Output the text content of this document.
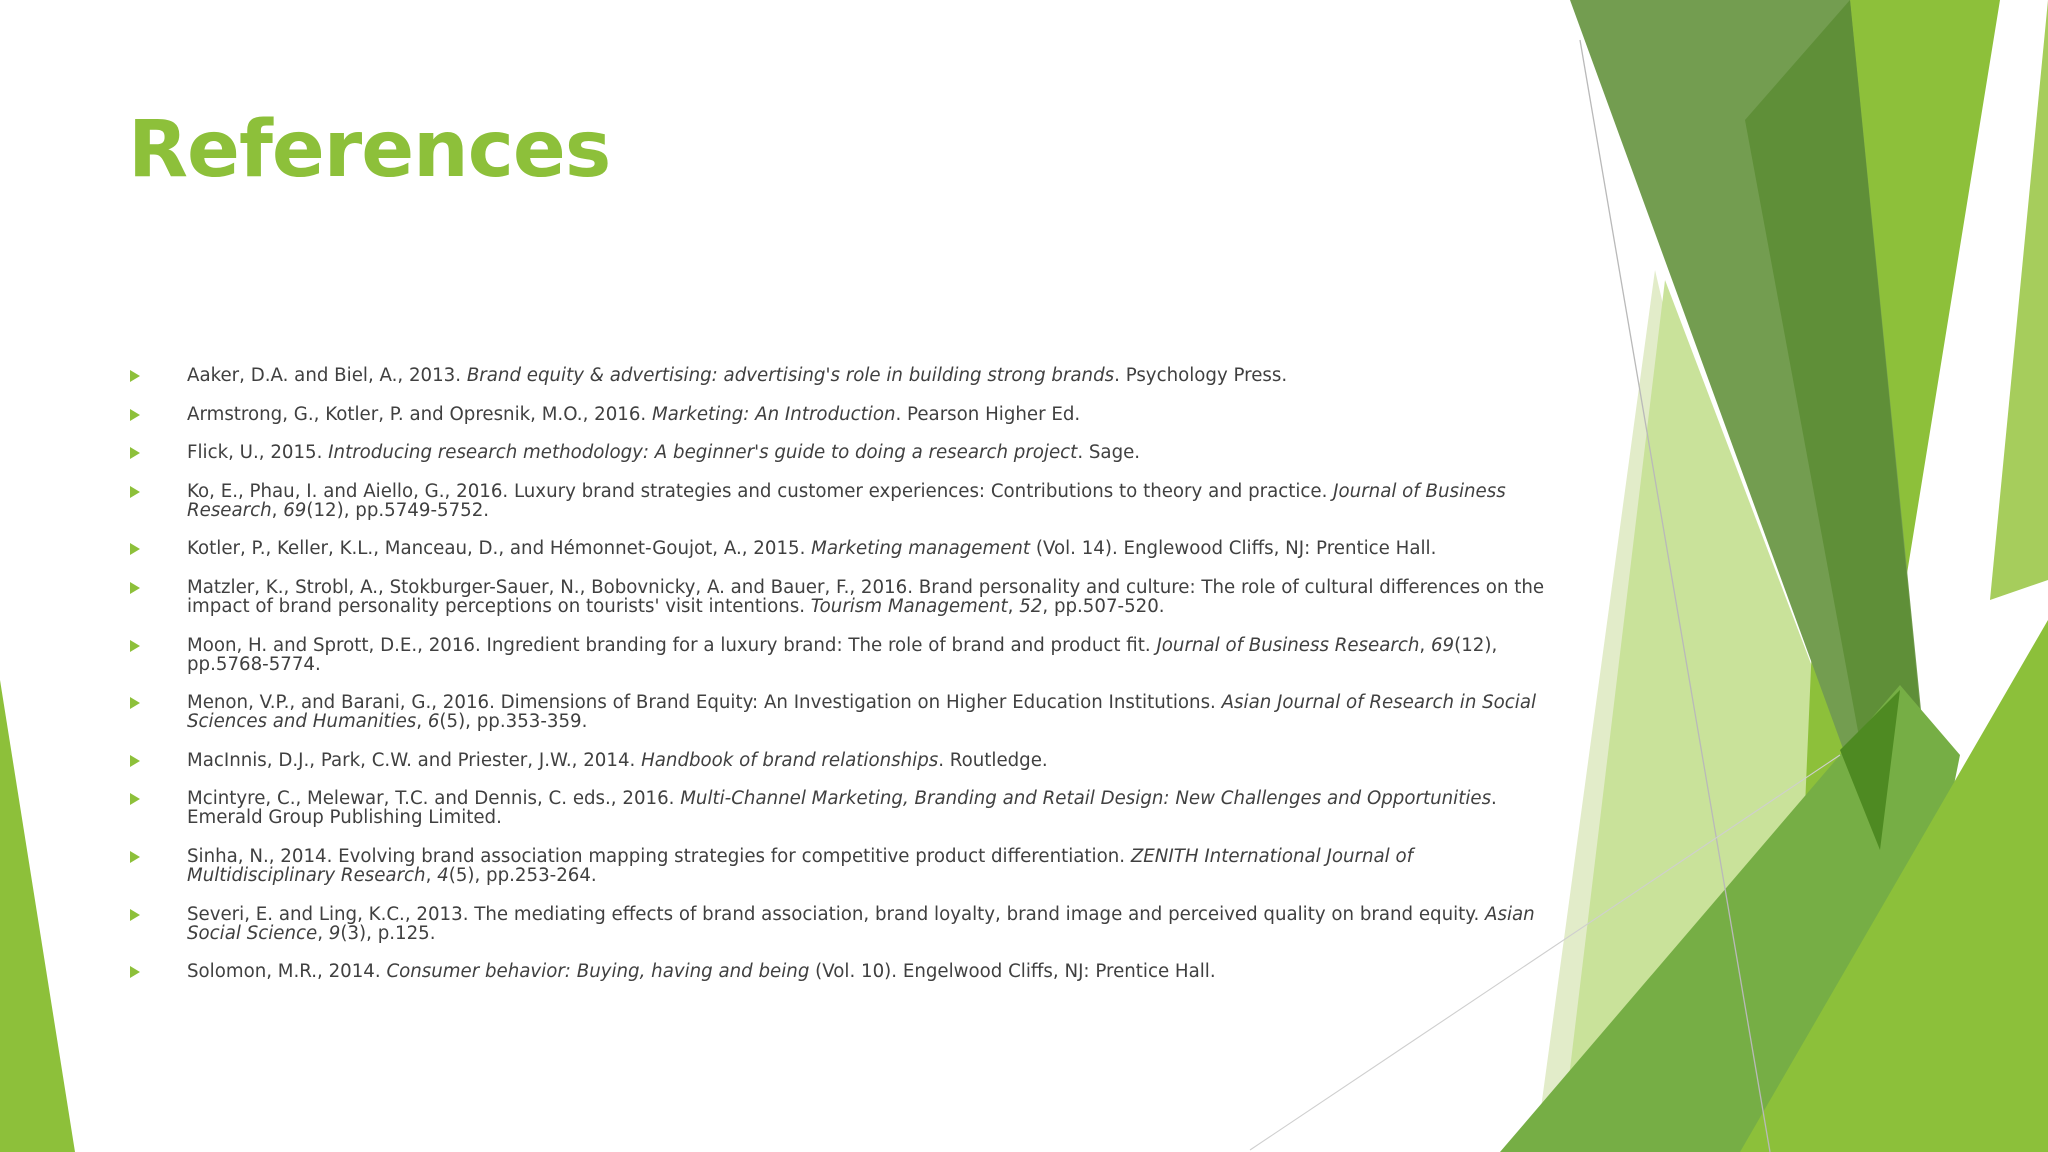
References
Aaker, D.A. and Biel, A., 2013. Brand equity & advertising: advertising's role in building strong brands. Psychology Press.
Armstrong, G., Kotler, P. and Opresnik, M.O., 2016. Marketing: An Introduction. Pearson Higher Ed.
Flick, U., 2015. Introducing research methodology: A beginner's guide to doing a research project. Sage.
Ko, E., Phau, I. and Aiello, G., 2016. Luxury brand strategies and customer experiences: Contributions to theory and practice. Journal of Business Research, 69(12), pp.5749-5752.
Kotler, P., Keller, K.L., Manceau, D., and Hémonnet-Goujot, A., 2015. Marketing management (Vol. 14). Englewood Cliffs, NJ: Prentice Hall.
Matzler, K., Strobl, A., Stokburger-Sauer, N., Bobovnicky, A. and Bauer, F., 2016. Brand personality and culture: The role of cultural differences on the impact of brand personality perceptions on tourists' visit intentions. Tourism Management, 52, pp.507-520.
Moon, H. and Sprott, D.E., 2016. Ingredient branding for a luxury brand: The role of brand and product fit. Journal of Business Research, 69(12), pp.5768-5774.
Menon, V.P., and Barani, G., 2016. Dimensions of Brand Equity: An Investigation on Higher Education Institutions. Asian Journal of Research in Social Sciences and Humanities, 6(5), pp.353-359.
MacInnis, D.J., Park, C.W. and Priester, J.W., 2014. Handbook of brand relationships. Routledge.
Mcintyre, C., Melewar, T.C. and Dennis, C. eds., 2016. Multi-Channel Marketing, Branding and Retail Design: New Challenges and Opportunities. Emerald Group Publishing Limited.
Sinha, N., 2014. Evolving brand association mapping strategies for competitive product differentiation. ZENITH International Journal of Multidisciplinary Research, 4(5), pp.253-264.
Severi, E. and Ling, K.C., 2013. The mediating effects of brand association, brand loyalty, brand image and perceived quality on brand equity. Asian Social Science, 9(3), p.125.
Solomon, M.R., 2014. Consumer behavior: Buying, having and being (Vol. 10). Engelwood Cliffs, NJ: Prentice Hall.
